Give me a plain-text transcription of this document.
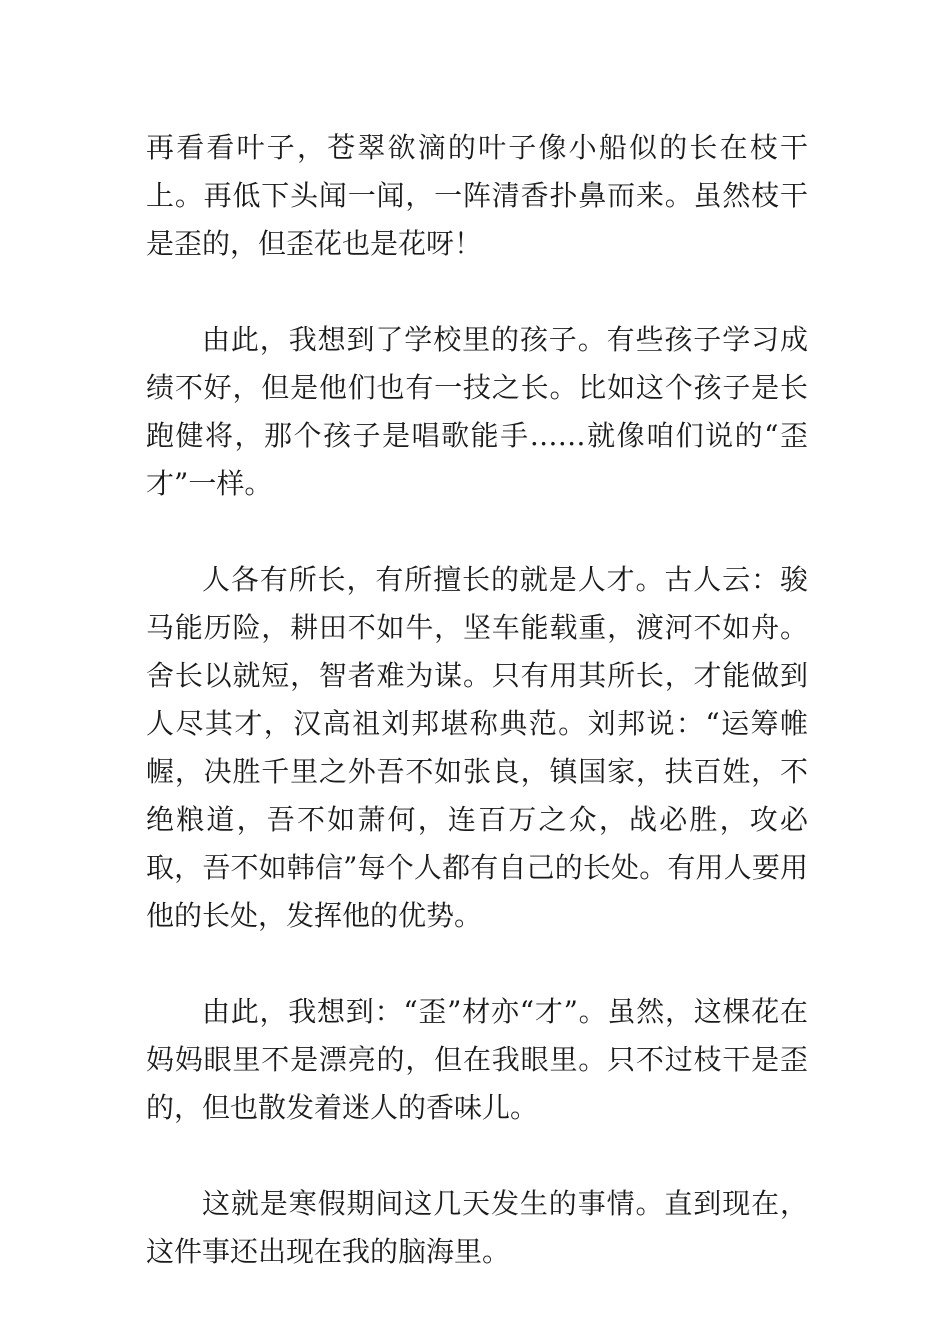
再看看叶子，苍翠欲滴的叶子像小船似的长在枝干上。再低下头闻一闻，一阵清香扑鼻而来。虽然枝干是歪的，但歪花也是花呀！

由此，我想到了学校里的孩子。有些孩子学习成绩不好，但是他们也有一技之长。比如这个孩子是长跑健将，那个孩子是唱歌能手……就像咱们说的“歪才”一样。

人各有所长，有所擅长的就是人才。古人云：骏马能历险，耕田不如牛，坚车能载重，渡河不如舟。舍长以就短，智者难为谋。只有用其所长，才能做到人尽其才，汉高祖刘邦堪称典范。刘邦说：“运筹帷幄，决胜千里之外吾不如张良，镇国家，扶百姓，不绝粮道，吾不如萧何，连百万之众，战必胜，攻必取，吾不如韩信”每个人都有自己的长处。有用人要用他的长处，发挥他的优势。

由此，我想到：“歪”材亦“才”。虽然，这棵花在妈妈眼里不是漂亮的，但在我眼里。只不过枝干是歪的，但也散发着迷人的香味儿。

这就是寒假期间这几天发生的事情。直到现在，这件事还出现在我的脑海里。
